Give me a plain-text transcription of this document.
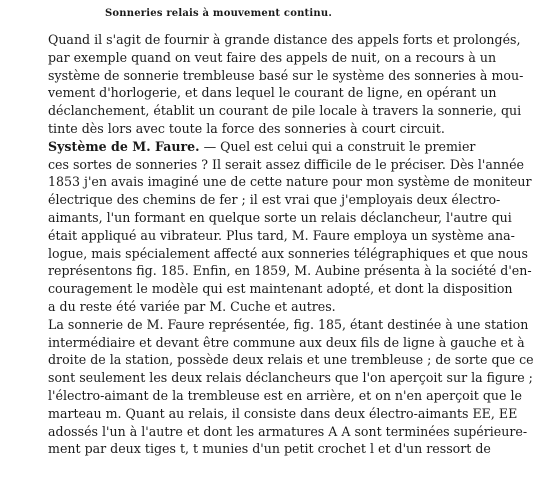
Sonneries relais à mouvement continu.
Quand il s'agit de fournir à grande distance des appels forts et prolongés,
par exemple quand on veut faire des appels de nuit, on a recours à un
système de sonnerie trembleuse basé sur le système des sonneries à mou-
vement d'horlogerie, et dans lequel le courant de ligne, en opérant un
déclanchement, établit un courant de pile locale à travers la sonnerie, qui
tinte dès lors avec toute la force des sonneries à court circuit.
Système de M. Faure. — Quel est celui qui a construit le premier
ces sortes de sonneries ? Il serait assez difficile de le préciser. Dès l'année
1853 j'en avais imaginé une de cette nature pour mon système de moniteur
électrique des chemins de fer ; il est vrai que j'employais deux électro-
aimants, l'un formant en quelque sorte un relais déclancheur, l'autre qui
était appliqué au vibrateur. Plus tard, M. Faure employa un système ana-
logue, mais spécialement affecté aux sonneries télégraphiques et que nous
représentons fig. 185. Enfin, en 1859, M. Aubine présenta à la société d'en-
couragement le modèle qui est maintenant adopté, et dont la disposition
a du reste été variée par M. Cuche et autres.
La sonnerie de M. Faure représentée, fig. 185, étant destinée à une station
intermédiaire et devant être commune aux deux fils de ligne à gauche et à
droite de la station, possède deux relais et une trembleuse ; de sorte que ce
sont seulement les deux relais déclancheurs que l'on aperçoit sur la figure ;
l'électro-aimant de la trembleuse est en arrière, et on n'en aperçoit que le
marteau m. Quant au relais, il consiste dans deux électro-aimants EE, EE
adossés l'un à l'autre et dont les armatures A A sont terminées supérieure-
ment par deux tiges t, t munies d'un petit crochet l et d'un ressort de
